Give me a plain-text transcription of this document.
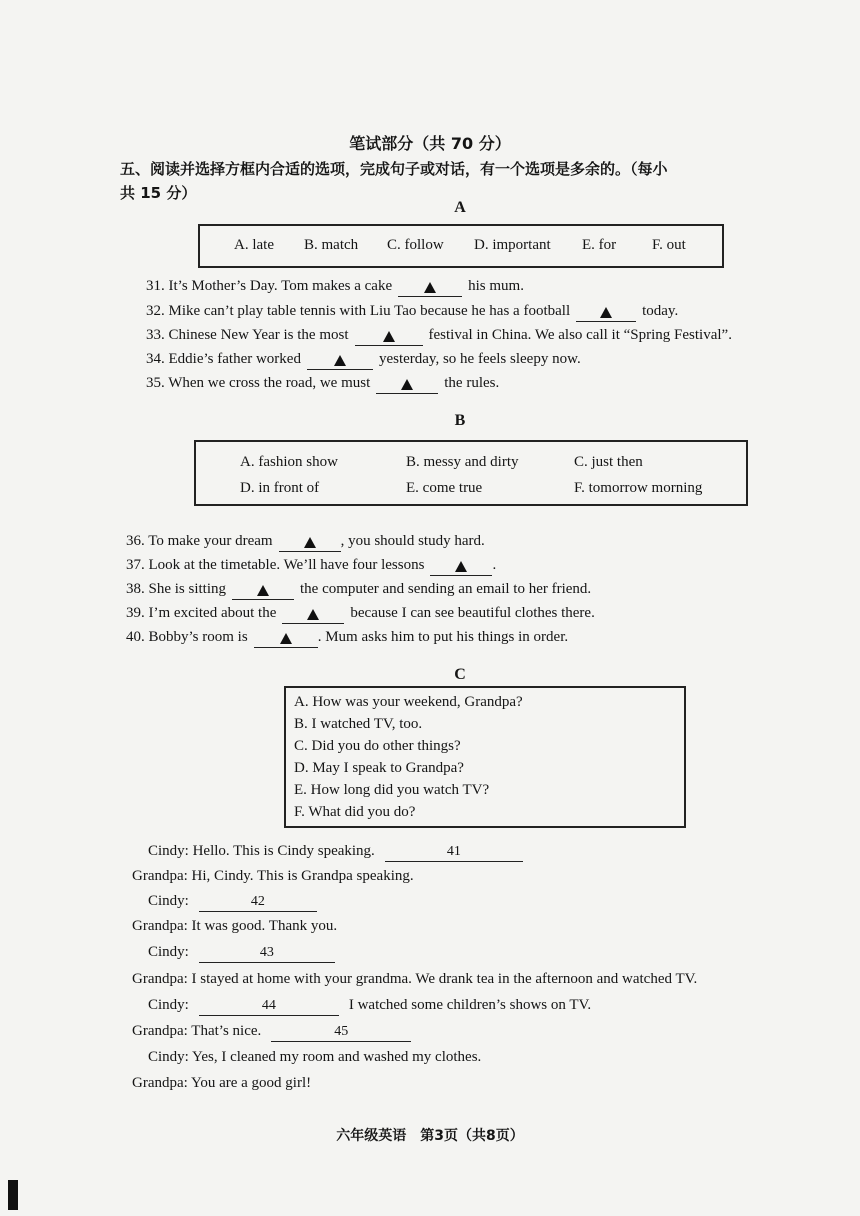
笔试部分（共 70 分）
五、阅读并选择方框内合适的选项，完成句子或对话，有一个选项是多余的。（每小
共 15 分）
A
A. late B. match C. follow D. important E. for F. out
31. It’s Mother’s Day. Tom makes a cake	his mum.
32. Mike can’t play table tennis with Liu Tao because he has a football	today.
33. Chinese New Year is the most	festival in China. We also call it “Spring Festival”.
34. Eddie’s father worked	yesterday, so he feels sleepy now.
35. When we cross the road, we must	the rules.
B
A. fashion show	B. messy and dirty	C. just then
D. in front of	E. come true	F. tomorrow morning
36. To make your dream	, you should study hard.
37. Look at the timetable. We’ll have four lessons	.
38. She is sitting	the computer and sending an email to her friend.
39. I’m excited about the	because I can see beautiful clothes there.
40. Bobby’s room is	. Mum asks him to put his things in order.
C
A. How was your weekend, Grandpa?
B. I watched TV, too.
C. Did you do other things?
D. May I speak to Grandpa?
E. How long did you watch TV?
F. What did you do?
Cindy: Hello. This is Cindy speaking.	41
Grandpa: Hi, Cindy. This is Grandpa speaking.
Cindy:	42
Grandpa: It was good. Thank you.
Cindy:	43
Grandpa: I stayed at home with your grandma. We drank tea in the afternoon and watched TV.
Cindy:	44	I watched some children’s shows on TV.
Grandpa: That’s nice.	45
Cindy: Yes, I cleaned my room and washed my clothes.
Grandpa: You are a good girl!
六年级英语　第3页（共8页）
